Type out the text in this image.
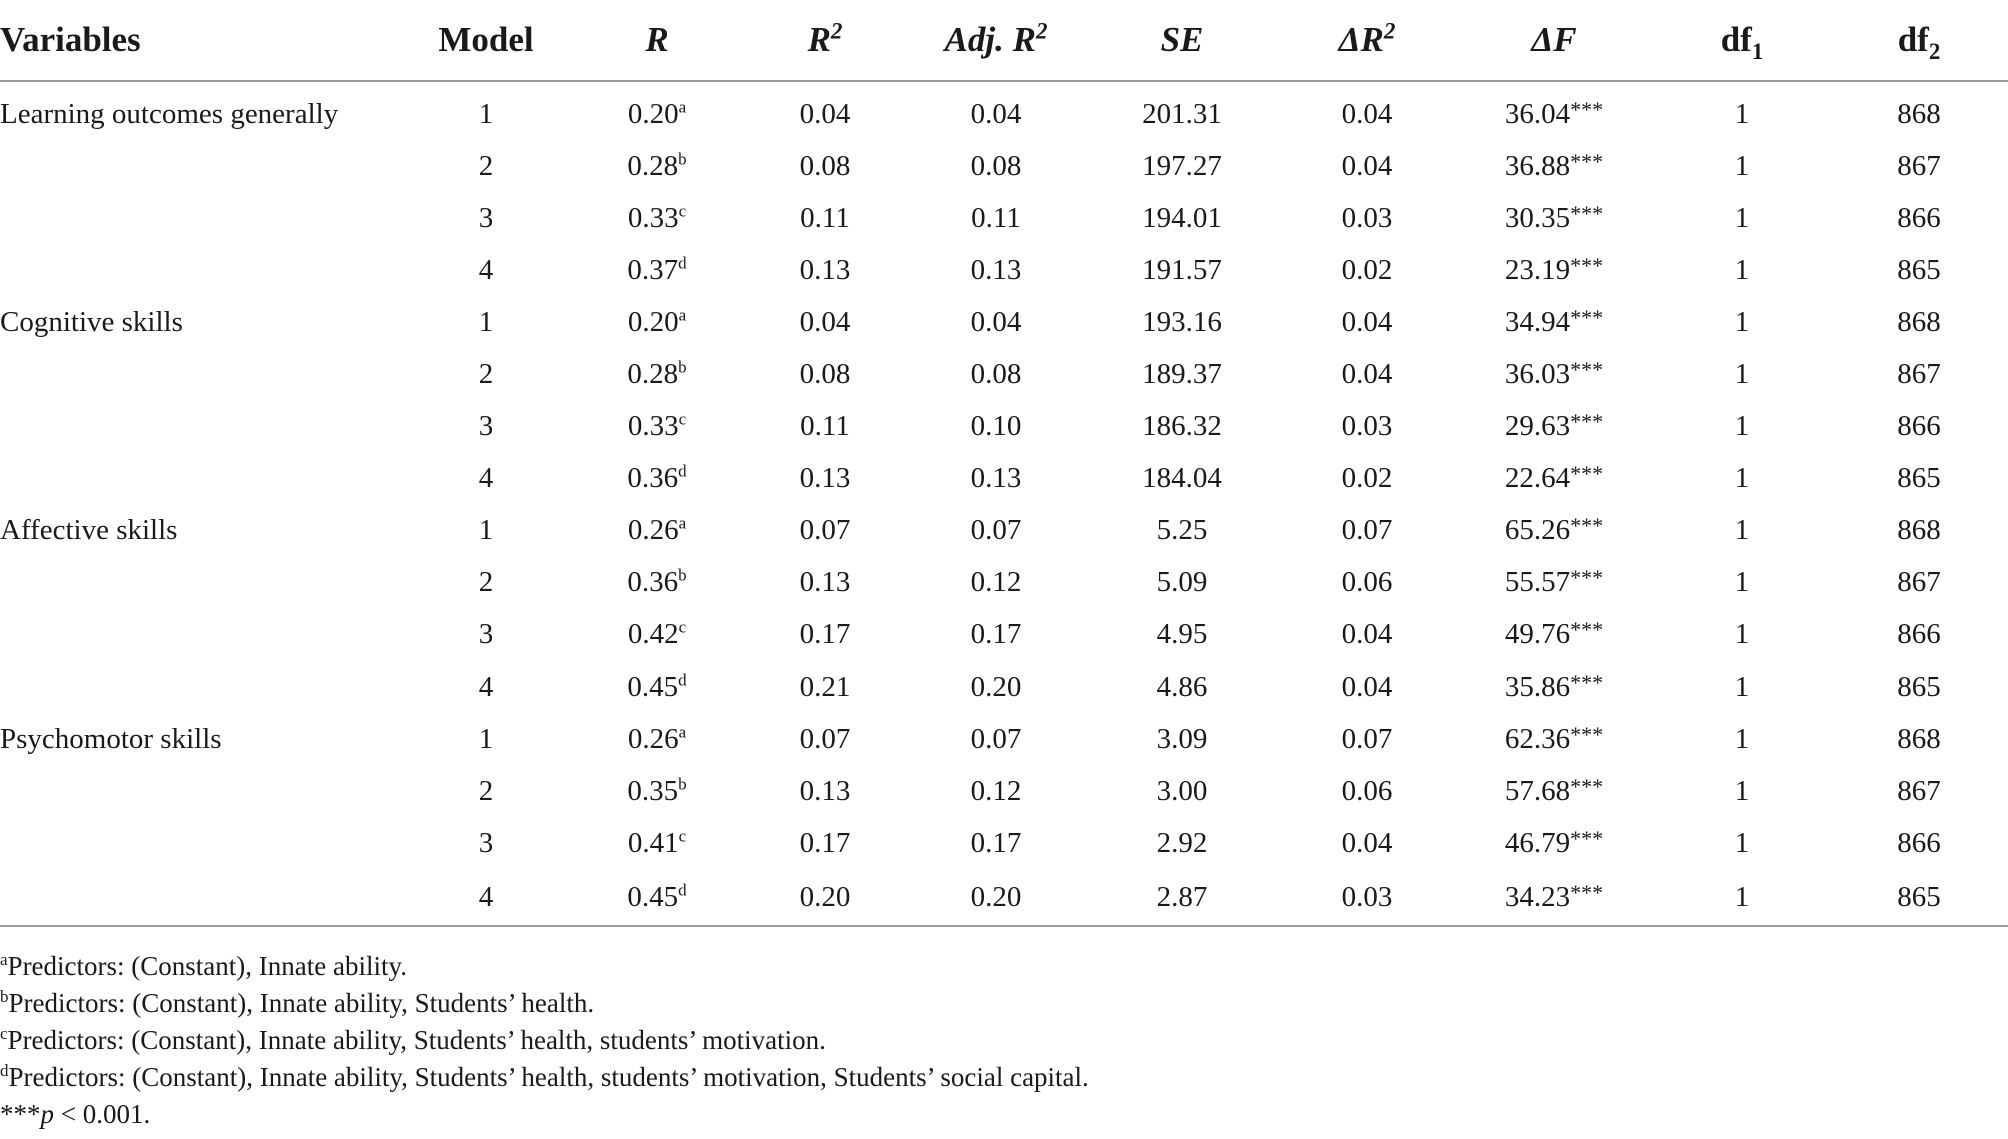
Variables	Model	R	$R^2$	Adj. $R^2$	SE	$\Delta R^2$	ΔF	$df_1$	$df_2$
Learning outcomes generally	1	0.20$^a$	0.04	0.04	201.31	0.04	36.04***	1	868
	2	0.28$^b$	0.08	0.08	197.27	0.04	36.88***	1	867
	3	0.33$^c$	0.11	0.11	194.01	0.03	30.35***	1	866
	4	0.37$^d$	0.13	0.13	191.57	0.02	23.19***	1	865
Cognitive skills	1	0.20$^a$	0.04	0.04	193.16	0.04	34.94***	1	868
	2	0.28$^b$	0.08	0.08	189.37	0.04	36.03***	1	867
	3	0.33$^c$	0.11	0.10	186.32	0.03	29.63***	1	866
	4	0.36$^d$	0.13	0.13	184.04	0.02	22.64***	1	865
Affective skills	1	0.26$^a$	0.07	0.07	5.25	0.07	65.26***	1	868
	2	0.36$^b$	0.13	0.12	5.09	0.06	55.57***	1	867
	3	0.42$^c$	0.17	0.17	4.95	0.04	49.76***	1	866
	4	0.45$^d$	0.21	0.20	4.86	0.04	35.86***	1	865
Psychomotor skills	1	0.26$^a$	0.07	0.07	3.09	0.07	62.36***	1	868
	2	0.35$^b$	0.13	0.12	3.00	0.06	57.68***	1	867
	3	0.41$^c$	0.17	0.17	2.92	0.04	46.79***	1	866
	4	0.45$^d$	0.20	0.20	2.87	0.03	34.23***	1	865
$^a$Predictors: (Constant), Innate ability.
$^b$Predictors: (Constant), Innate ability, Students’ health.
$^c$Predictors: (Constant), Innate ability, Students’ health, students’ motivation.
$^d$Predictors: (Constant), Innate ability, Students’ health, students’ motivation, Students’ social capital.
***p < 0.001.
